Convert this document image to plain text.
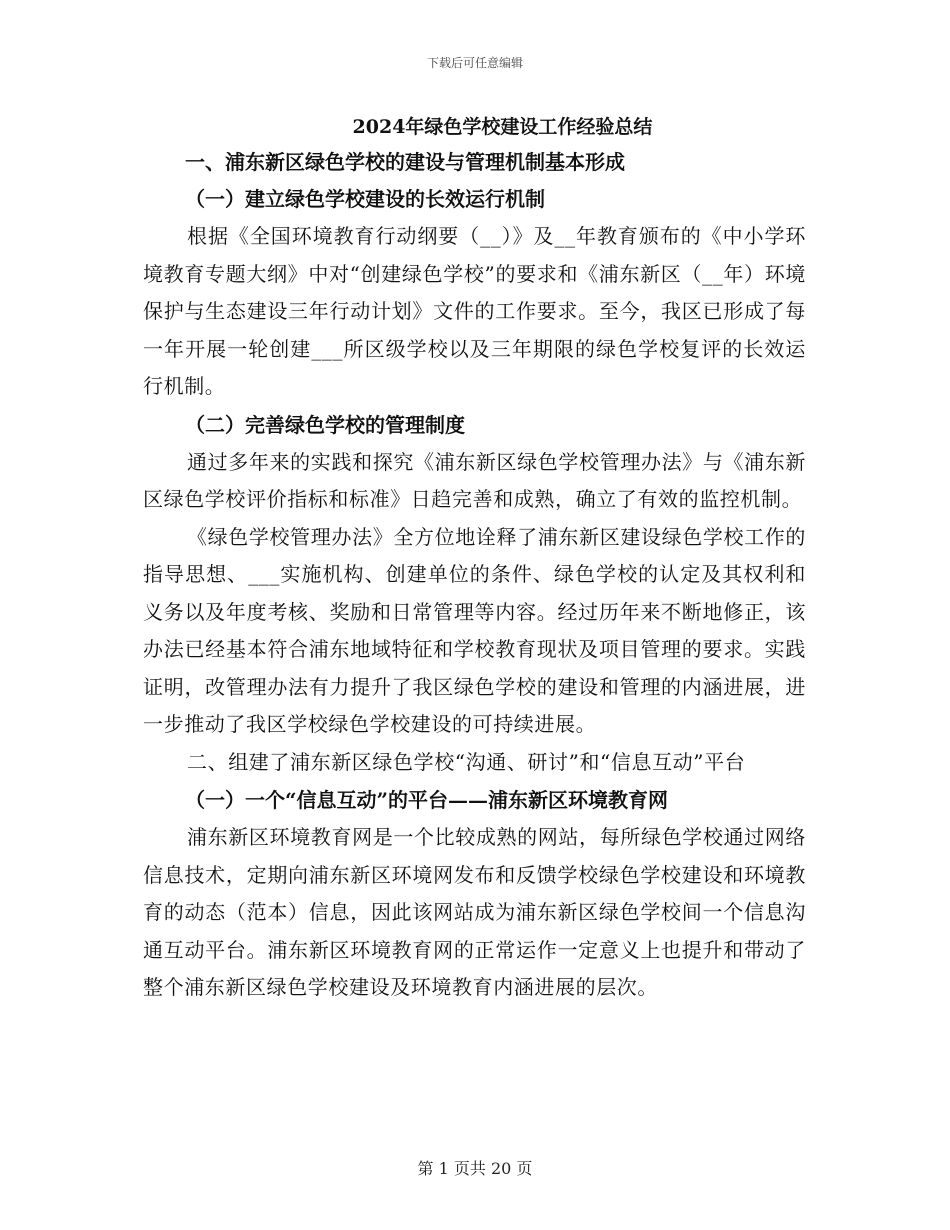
下载后可任意编辑
2024年绿色学校建设工作经验总结
一、浦东新区绿色学校的建设与管理机制基本形成
（一）建立绿色学校建设的长效运行机制

根据《全国环境教育行动纲要（__）》及__年教育颁布的《中小学环境教育专题大纲》中对“创建绿色学校”的要求和《浦东新区（__年）环境保护与生态建设三年行动计划》文件的工作要求。至今，我区已形成了每一年开展一轮创建___所区级学校以及三年期限的绿色学校复评的长效运行机制。

（二）完善绿色学校的管理制度

通过多年来的实践和探究《浦东新区绿色学校管理办法》与《浦东新区绿色学校评价指标和标准》日趋完善和成熟，确立了有效的监控机制。

《绿色学校管理办法》全方位地诠释了浦东新区建设绿色学校工作的指导思想、___实施机构、创建单位的条件、绿色学校的认定及其权利和义务以及年度考核、奖励和日常管理等内容。经过历年来不断地修正，该办法已经基本符合浦东地域特征和学校教育现状及项目管理的要求。实践证明，改管理办法有力提升了我区绿色学校的建设和管理的内涵进展，进一步推动了我区学校绿色学校建设的可持续进展。

二、组建了浦东新区绿色学校“沟通、研讨”和“信息互动”平台

（一）一个“信息互动”的平台——浦东新区环境教育网

浦东新区环境教育网是一个比较成熟的网站，每所绿色学校通过网络信息技术，定期向浦东新区环境网发布和反馈学校绿色学校建设和环境教育的动态（范本）信息，因此该网站成为浦东新区绿色学校间一个信息沟通互动平台。浦东新区环境教育网的正常运作一定意义上也提升和带动了整个浦东新区绿色学校建设及环境教育内涵进展的层次。

第 1 页共 20 页
